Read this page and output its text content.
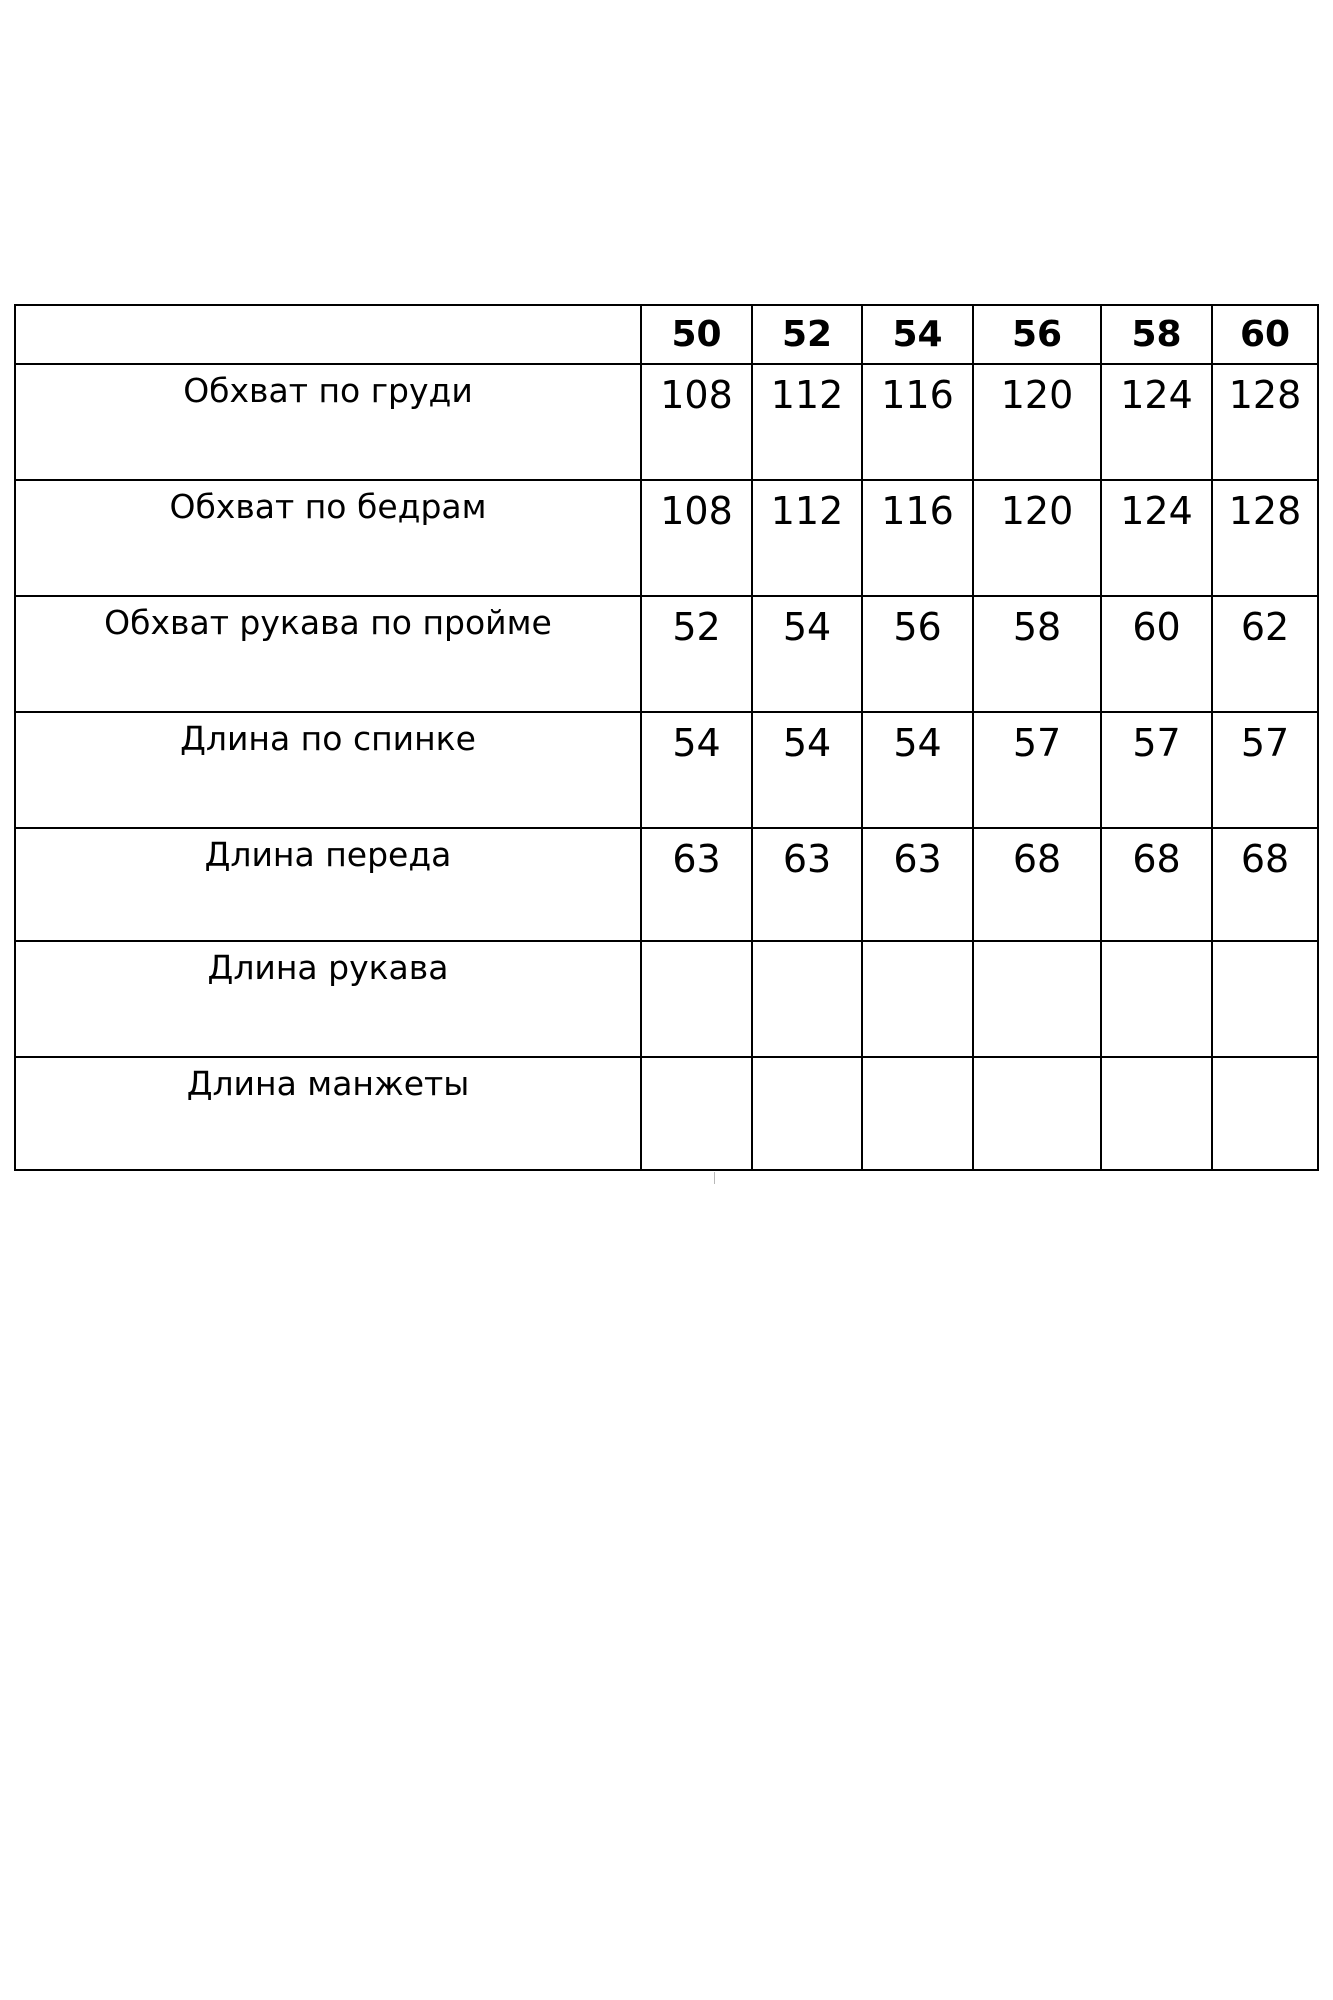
	50	52	54	56	58	60

Обхват по груди	108	112	116	120	124	128

Обхват по бедрам	108	112	116	120	124	128

Обхват рукава по пройме	52	54	56	58	60	62

Длина по спинке	54	54	54	57	57	57

Длина переда	63	63	63	68	68	68

Длина рукава						

Длина манжеты						
